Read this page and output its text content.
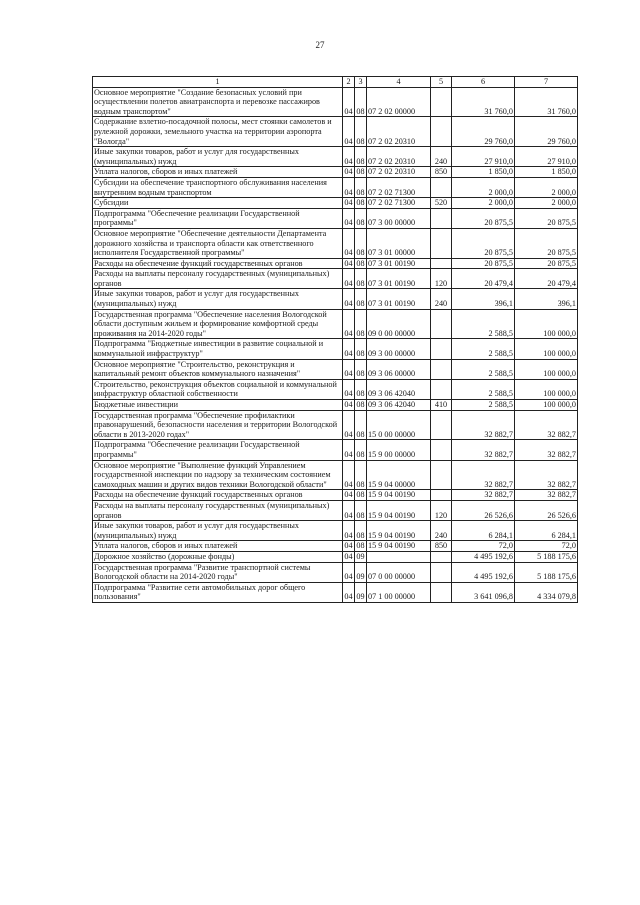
27
1	2	3	4	5	6	7
Основное мероприятие "Создание безопасных условий при осуществлении полетов авиатранспорта и перевозке пассажиров водным транспортом"	04	08	07 2 02 00000		31 760,0	31 760,0
Содержание взлетно-посадочной полосы, мест стоянки самолетов и рулежной дорожки, земельного участка на территории аэропорта "Вологда"	04	08	07 2 02 20310		29 760,0	29 760,0
Иные закупки товаров, работ и услуг для государственных (муниципальных) нужд	04	08	07 2 02 20310	240	27 910,0	27 910,0
Уплата налогов, сборов и иных платежей	04	08	07 2 02 20310	850	1 850,0	1 850,0
Субсидии на обеспечение транспортного обслуживания населения внутренним водным транспортом	04	08	07 2 02 71300		2 000,0	2 000,0
Субсидии	04	08	07 2 02 71300	520	2 000,0	2 000,0
Подпрограмма "Обеспечение реализации Государственной программы"	04	08	07 3 00 00000		20 875,5	20 875,5
Основное мероприятие "Обеспечение деятельности Департамента дорожного хозяйства и транспорта области как ответственного исполнителя Государственной программы"	04	08	07 3 01 00000		20 875,5	20 875,5
Расходы на обеспечение функций государственных органов	04	08	07 3 01 00190		20 875,5	20 875,5
Расходы на выплаты персоналу государственных (муниципальных) органов	04	08	07 3 01 00190	120	20 479,4	20 479,4
Иные закупки товаров, работ и услуг для государственных (муниципальных) нужд	04	08	07 3 01 00190	240	396,1	396,1
Государственная программа "Обеспечение населения Вологодской области доступным жильем и формирование комфортной среды проживания на 2014-2020 годы"	04	08	09 0 00 00000		2 588,5	100 000,0
Подпрограмма "Бюджетные инвестиции в развитие социальной и коммунальной инфраструктур"	04	08	09 3 00 00000		2 588,5	100 000,0
Основное мероприятие "Строительство, реконструкция и капитальный ремонт объектов коммунального назначения"	04	08	09 3 06 00000		2 588,5	100 000,0
Строительство, реконструкция объектов социальной и коммунальной инфраструктур областной собственности	04	08	09 3 06 42040		2 588,5	100 000,0
Бюджетные инвестиции	04	08	09 3 06 42040	410	2 588,5	100 000,0
Государственная программа "Обеспечение профилактики правонарушений, безопасности населения и территории Вологодской области в 2013-2020 годах"	04	08	15 0 00 00000		32 882,7	32 882,7
Подпрограмма "Обеспечение реализации Государственной программы"	04	08	15 9 00 00000		32 882,7	32 882,7
Основное мероприятие "Выполнение функций Управлением государственной инспекции по надзору за техническим состоянием самоходных машин и других видов техники Вологодской области"	04	08	15 9 04 00000		32 882,7	32 882,7
Расходы на обеспечение функций государственных органов	04	08	15 9 04 00190		32 882,7	32 882,7
Расходы на выплаты персоналу государственных (муниципальных) органов	04	08	15 9 04 00190	120	26 526,6	26 526,6
Иные закупки товаров, работ и услуг для государственных (муниципальных) нужд	04	08	15 9 04 00190	240	6 284,1	6 284,1
Уплата налогов, сборов и иных платежей	04	08	15 9 04 00190	850	72,0	72,0
Дорожное хозяйство (дорожные фонды)	04	09			4 495 192,6	5 188 175,6
Государственная программа "Развитие транспортной системы Вологодской области на 2014-2020 годы"	04	09	07 0 00 00000		4 495 192,6	5 188 175,6
Подпрограмма "Развитие сети автомобильных дорог общего пользования"	04	09	07 1 00 00000		3 641 096,8	4 334 079,8
